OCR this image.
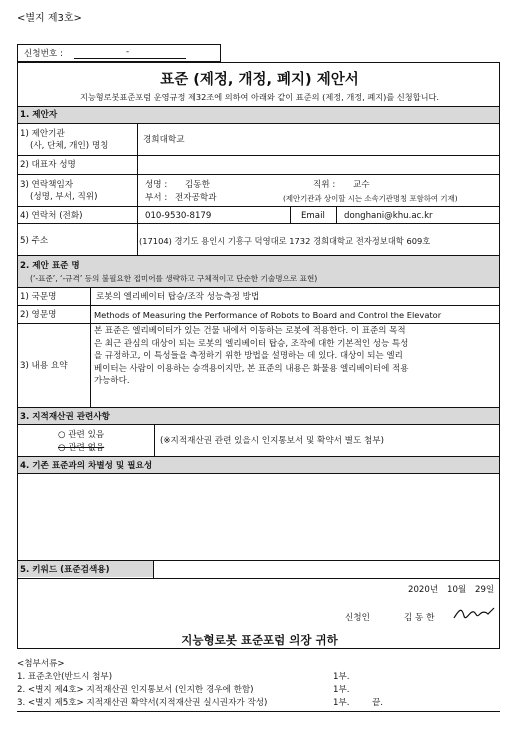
<별지 제3호>
신청번호 :	-
표준 (제정, 개정, 폐지) 제안서
지능형로봇표준포럼 운영규정 제32조에 의하여 아래와 같이 표준의 (제정, 개정, 폐지)를 신청합니다.
1. 제안자
1) 제안기관
(사, 단체, 개인) 명칭
경희대학교
2) 대표자 성명
3) 연락책임자
(성명, 부서, 직위)
성명 : 김동한	직위 : 교수
부서 : 전자공학과	(제안기관과 상이할 시는 소속기관명칭 포함하여 기재)
4) 연락처 (전화)	010-9530-8179	Email donghani@khu.ac.kr
5) 주소	(17104) 경기도 용인시 기흥구 덕영대로 1732 경희대학교 전자정보대학 609호
2. 제안 표준 명
(‘-표준’, ‘-규격’ 등의 불필요한 접미어를 생략하고 구체적이고 단순한 기술명으로 표현)
1) 국문명	로봇의 엘리베이터 탑승/조작 성능측정 방법
2) 영문명	Methods of Measuring the Performance of Robots to Board and Control the Elevator
3) 내용 요약
본 표준은 엘리베이터가 있는 건물 내에서 이동하는 로봇에 적용한다. 이 표준의 목적
은 최근 관심의 대상이 되는 로봇의 엘리베이터 탑승, 조작에 대한 기본적인 성능 특성
을 규정하고, 이 특성들을 측정하기 위한 방법을 설명하는 데 있다. 대상이 되는 엘리
베이터는 사람이 이용하는 승객용이지만, 본 표준의 내용은 화물용 엘리베이터에 적용
가능하다.
3. 지적재산권 관련사항
○ 관련 있음
○ 관련 없음
(※지적재산권 관련 있을시 인지통보서 및 확약서 별도 첨부)
4. 기존 표준과의 차별성 및 필요성
5. 키워드 (표준검색용)
2020년 10월 29일
신청인	김 동 한
지능형로봇 표준포럼 의장 귀하
<첨부서류>
1. 표준초안(반드시 첨부)	1부.
2. <별지 제4호> 지적재산권 인지통보서 (인지한 경우에 한함)	1부.
3. <별지 제5호> 지적재산권 확약서(지적재산권 실시권자가 작성)	1부.	끝.
